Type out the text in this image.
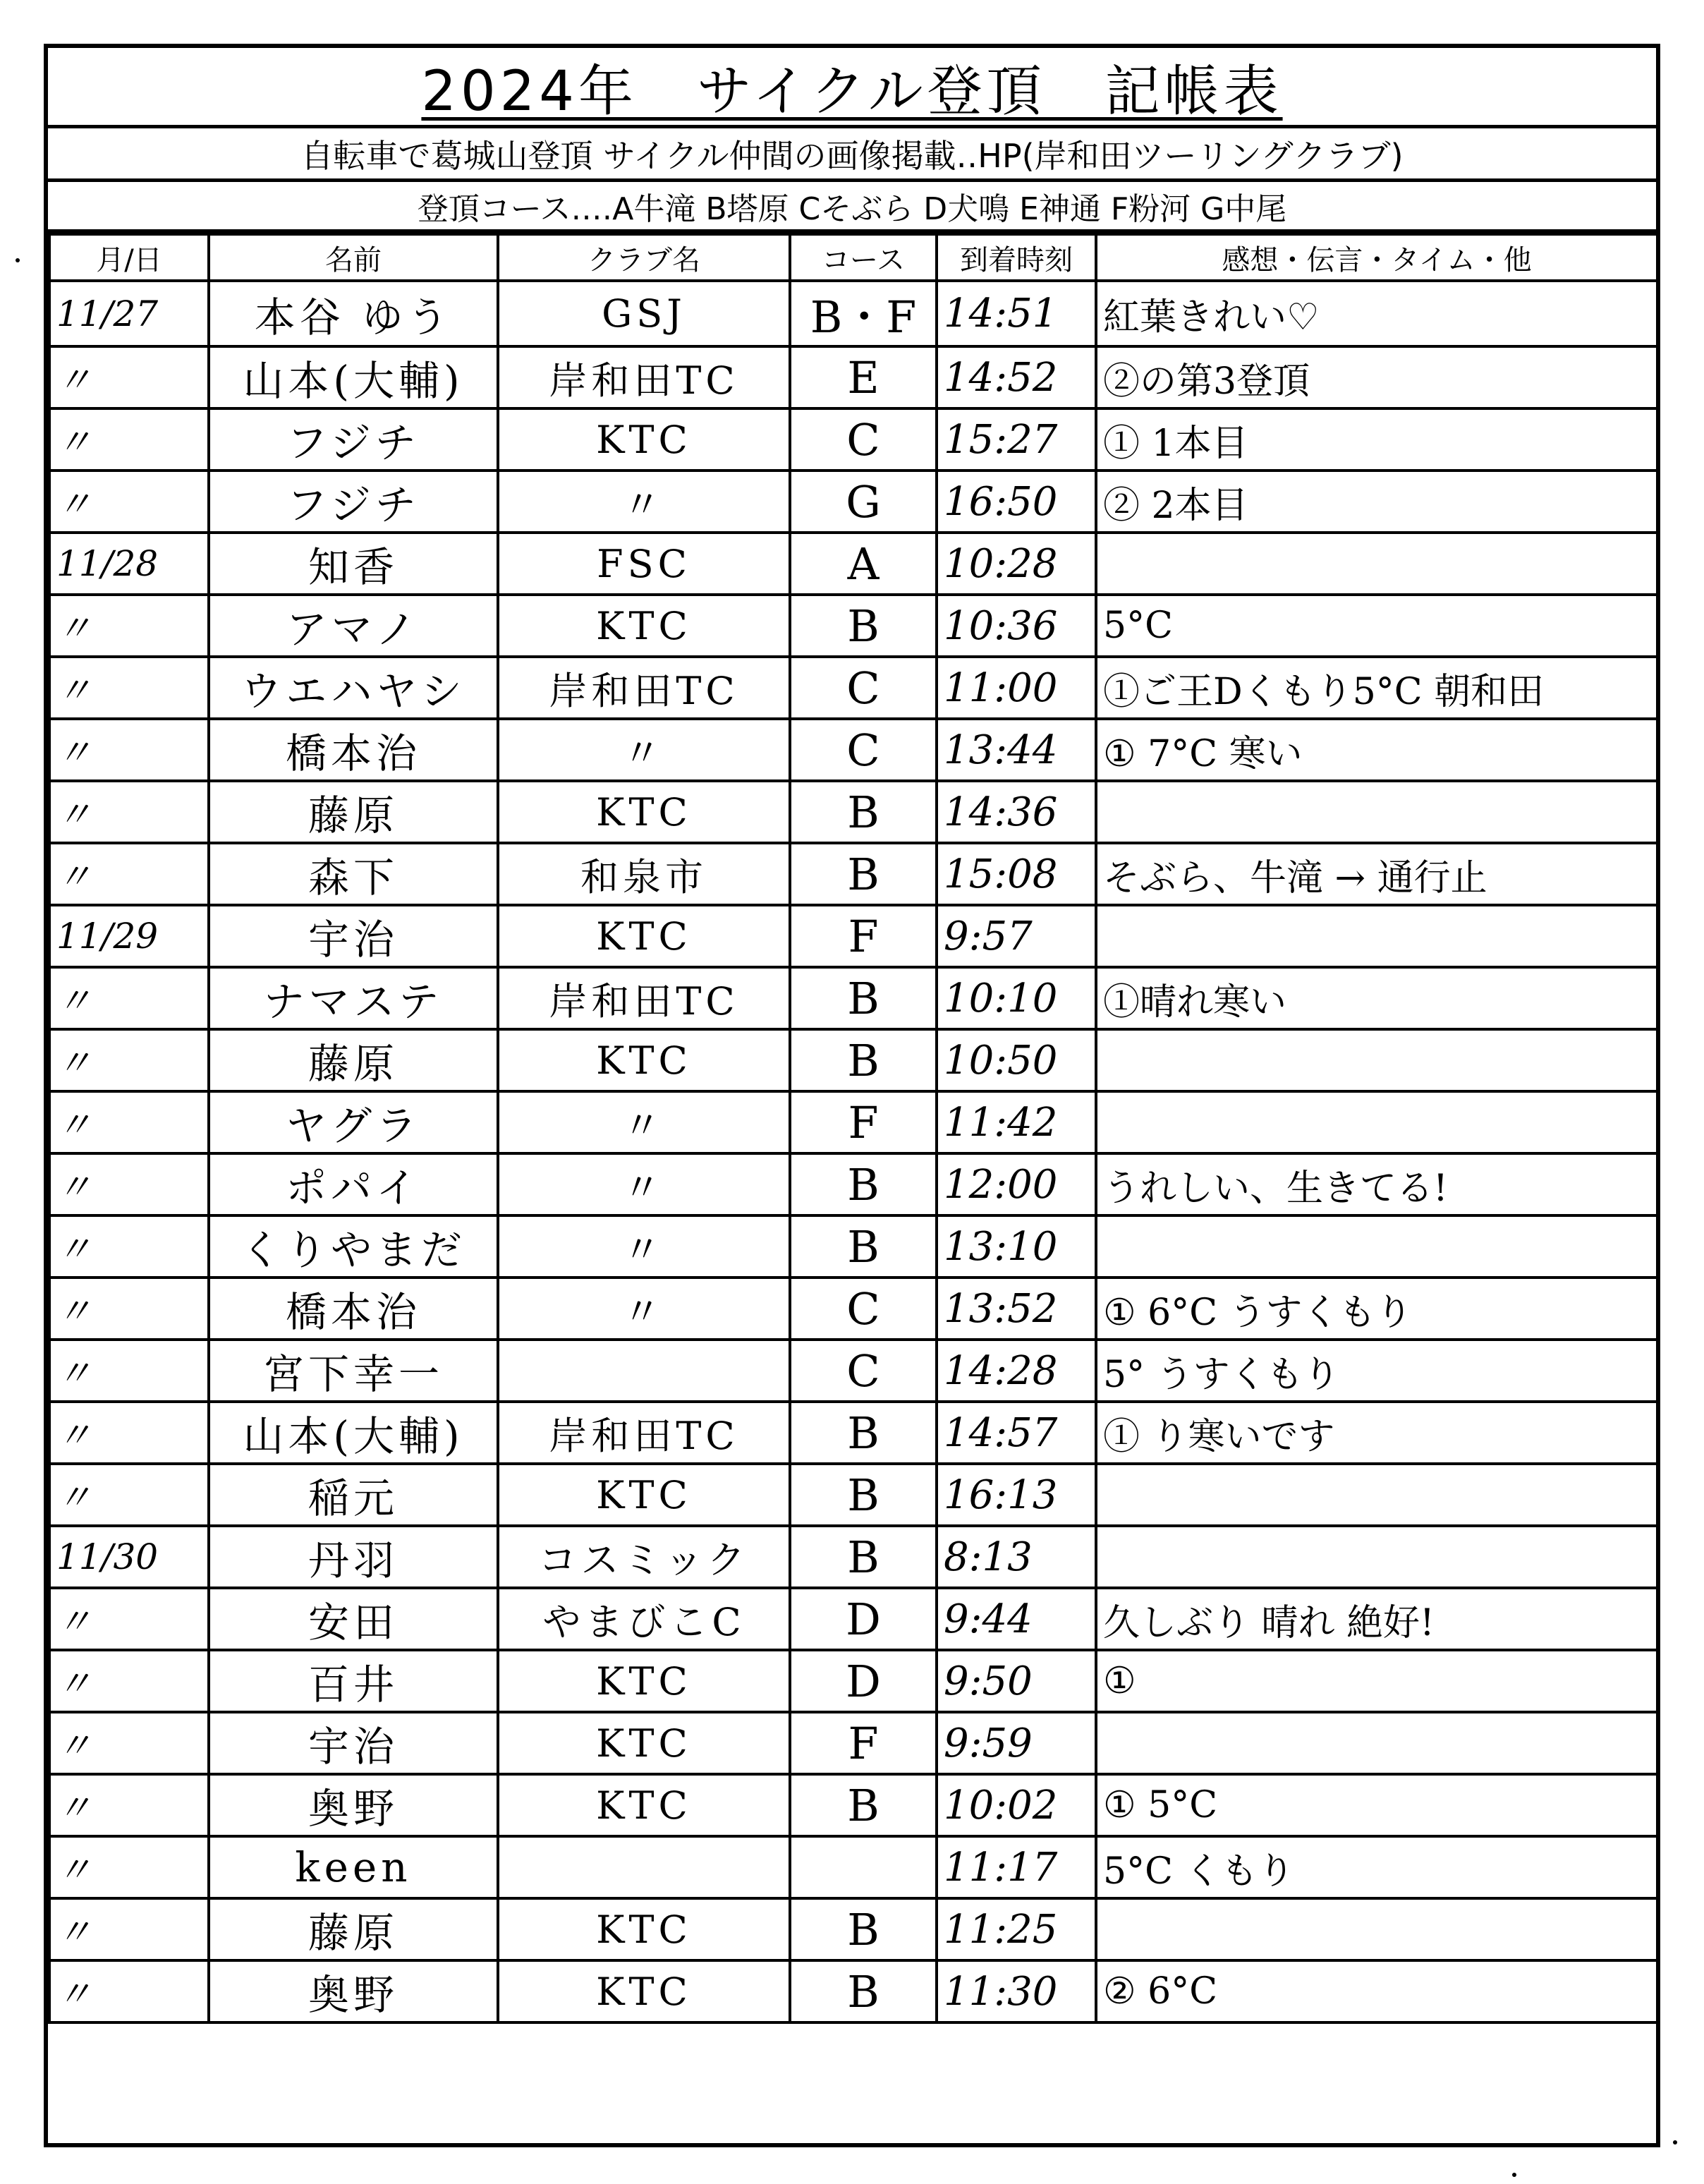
2024年　サイクル登頂　記帳表
自転車で葛城山登頂 サイクル仲間の画像掲載‥HP(岸和田ツーリングクラブ)
登頂コース‥‥A牛滝 B塔原 Cそぶら D犬鳴 E神通 F粉河 G中尾
月/日	名前	クラブ名	コース	到着時刻	感想・伝言・タイム・他
11/27	本谷 ゆう	GSJ	B・F	14:51	紅葉きれい♡
〃	山本(大輔)	岸和田TC	E	14:52	②の第3登頂
〃	フジチ	KTC	C	15:27	① 1本目
〃	フジチ	〃	G	16:50	② 2本目
11/28	知香	FSC	A	10:28	
〃	アマノ	KTC	B	10:36	5°C
〃	ウエハヤシ	岸和田TC	C	11:00	①ご王Dくもり5°C 朝和田
〃	橋本治	〃	C	13:44	① 7°C 寒い
〃	藤原	KTC	B	14:36	
〃	森下	和泉市	B	15:08	そぶら、牛滝 → 通行止
11/29	宇治	KTC	F	9:57	
〃	ナマステ	岸和田TC	B	10:10	①晴れ寒い
〃	藤原	KTC	B	10:50	
〃	ヤグラ	〃	F	11:42	
〃	ポパイ	〃	B	12:00	うれしい、生きてる!
〃	くりやまだ	〃	B	13:10	
〃	橋本治	〃	C	13:52	① 6°C うすくもり
〃	宮下幸一		C	14:28	5° うすくもり
〃	山本(大輔)	岸和田TC	B	14:57	① り寒いです
〃	稲元	KTC	B	16:13	
11/30	丹羽	コスミック	B	8:13	
〃	安田	やまびこC	D	9:44	久しぶり 晴れ 絶好!
〃	百井	KTC	D	9:50	①
〃	宇治	KTC	F	9:59	
〃	奥野	KTC	B	10:02	① 5°C
〃	keen			11:17	5°C くもり
〃	藤原	KTC	B	11:25	
〃	奥野	KTC	B	11:30	② 6°C
